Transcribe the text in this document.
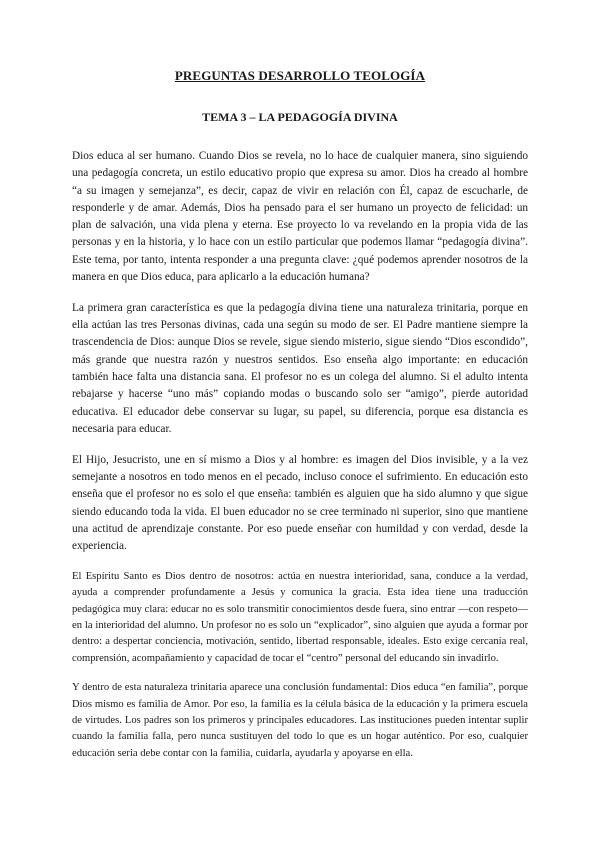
PREGUNTAS DESARROLLO TEOLOGÍA
TEMA 3 – LA PEDAGOGÍA DIVINA

Dios educa al ser humano. Cuando Dios se revela, no lo hace de cualquier manera, sino siguiendo una pedagogía concreta, un estilo educativo propio que expresa su amor. Dios ha creado al hombre “a su imagen y semejanza”, es decir, capaz de vivir en relación con Él, capaz de escucharle, de responderle y de amar. Además, Dios ha pensado para el ser humano un proyecto de felicidad: un plan de salvación, una vida plena y eterna. Ese proyecto lo va revelando en la propia vida de las personas y en la historia, y lo hace con un estilo particular que podemos llamar “pedagogía divina”. Este tema, por tanto, intenta responder a una pregunta clave: ¿qué podemos aprender nosotros de la manera en que Dios educa, para aplicarlo a la educación humana?

La primera gran característica es que la pedagogía divina tiene una naturaleza trinitaria, porque en ella actúan las tres Personas divinas, cada una según su modo de ser. El Padre mantiene siempre la trascendencia de Dios: aunque Dios se revele, sigue siendo misterio, sigue siendo “Dios escondido”, más grande que nuestra razón y nuestros sentidos. Eso enseña algo importante: en educación también hace falta una distancia sana. El profesor no es un colega del alumno. Si el adulto intenta rebajarse y hacerse “uno más” copiando modas o buscando solo ser “amigo”, pierde autoridad educativa. El educador debe conservar su lugar, su papel, su diferencia, porque esa distancia es necesaria para educar.

El Hijo, Jesucristo, une en sí mismo a Dios y al hombre: es imagen del Dios invisible, y a la vez semejante a nosotros en todo menos en el pecado, incluso conoce el sufrimiento. En educación esto enseña que el profesor no es solo el que enseña: también es alguien que ha sido alumno y que sigue siendo educando toda la vida. El buen educador no se cree terminado ni superior, sino que mantiene una actitud de aprendizaje constante. Por eso puede enseñar con humildad y con verdad, desde la experiencia.

El Espíritu Santo es Dios dentro de nosotros: actúa en nuestra interioridad, sana, conduce a la verdad, ayuda a comprender profundamente a Jesús y comunica la gracia. Esta idea tiene una traducción pedagógica muy clara: educar no es solo transmitir conocimientos desde fuera, sino entrar —con respeto— en la interioridad del alumno. Un profesor no es solo un “explicador”, sino alguien que ayuda a formar por dentro: a despertar conciencia, motivación, sentido, libertad responsable, ideales. Esto exige cercanía real, comprensión, acompañamiento y capacidad de tocar el “centro” personal del educando sin invadirlo.

Y dentro de esta naturaleza trinitaria aparece una conclusión fundamental: Dios educa “en familia”, porque Dios mismo es familia de Amor. Por eso, la familia es la célula básica de la educación y la primera escuela de virtudes. Los padres son los primeros y principales educadores. Las instituciones pueden intentar suplir cuando la familia falla, pero nunca sustituyen del todo lo que es un hogar auténtico. Por eso, cualquier educación seria debe contar con la familia, cuidarla, ayudarla y apoyarse en ella.
